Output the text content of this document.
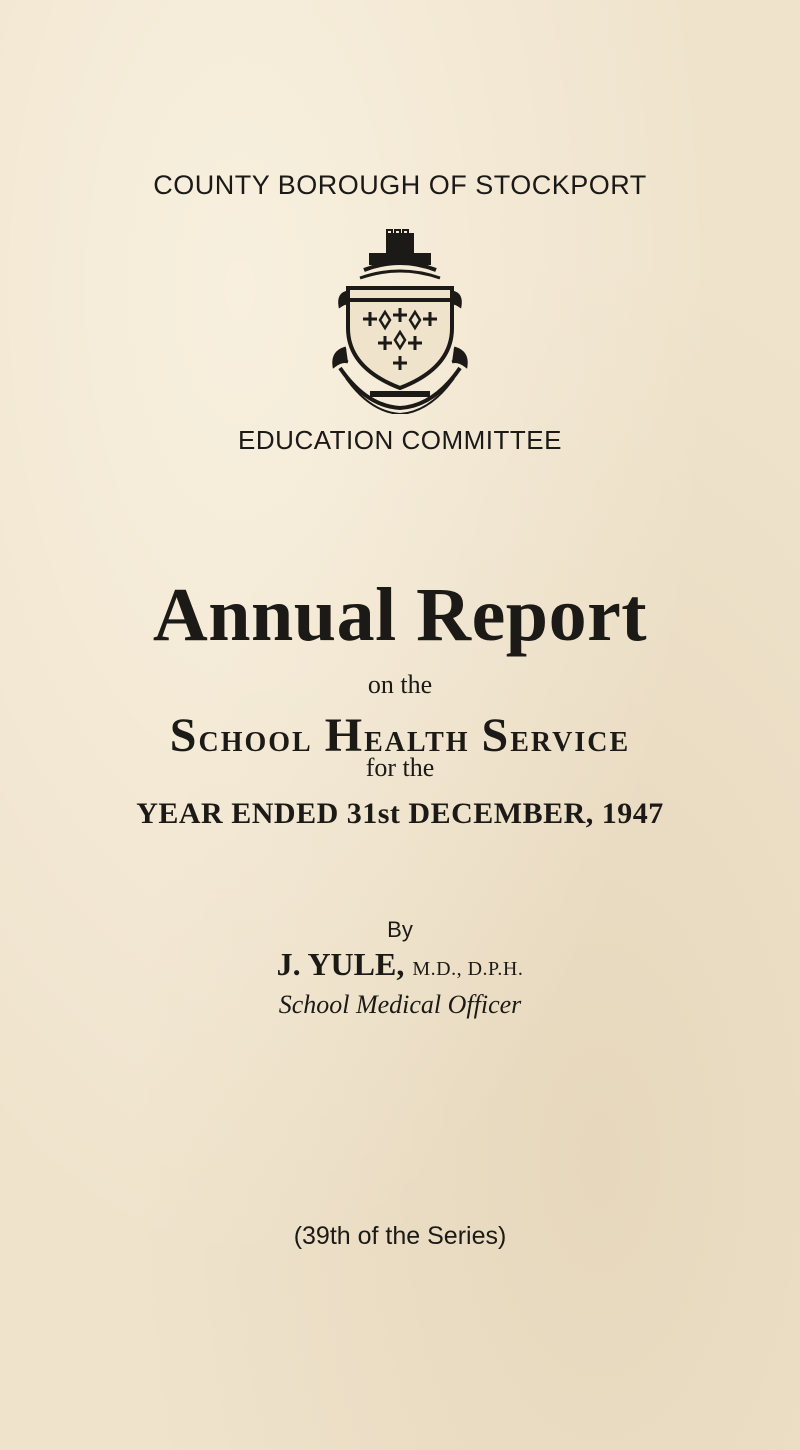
COUNTY BOROUGH OF STOCKPORT
EDUCATION COMMITTEE
Annual Report
on the
School Health Service
for the
YEAR ENDED 31st DECEMBER, 1947
By
J. YULE, M.D., D.P.H.
School Medical Officer
(39th of the Series)
